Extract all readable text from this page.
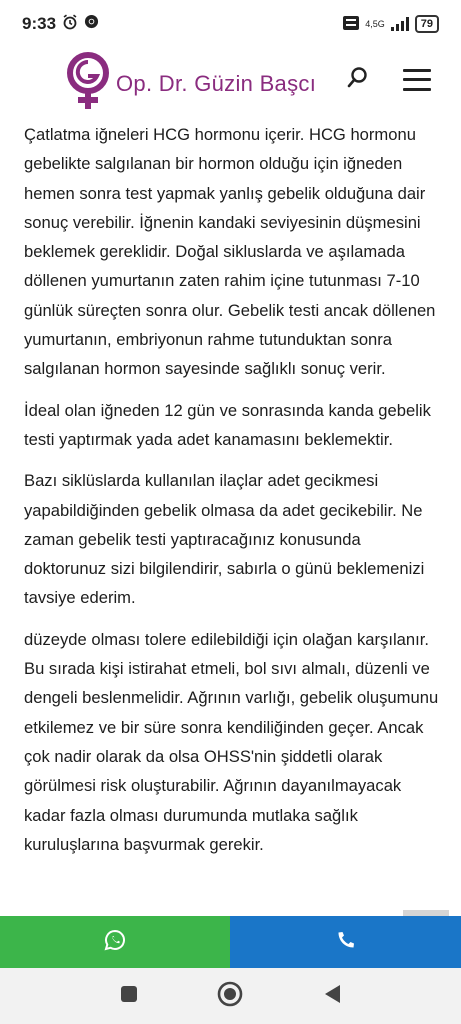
9:33	4,5G	79
Op. Dr. Güzin Başcı

Çatlatma iğneleri HCG hormonu içerir. HCG hormonu gebelikte salgılanan bir hormon olduğu için iğneden hemen sonra test yapmak yanlış gebelik olduğuna dair sonuç verebilir. İğnenin kandaki seviyesinin düşmesini beklemek gereklidir. Doğal sikluslarda ve aşılamada döllenen yumurtanın zaten rahim içine tutunması 7-10 günlük süreçten sonra olur. Gebelik testi ancak döllenen yumurtanın, embriyonun rahme tutunduktan sonra salgılanan hormon sayesinde sağlıklı sonuç verir.

İdeal olan iğneden 12 gün ve sonrasında kanda gebelik testi yaptırmak yada adet kanamasını beklemektir.

Bazı siklüslarda kullanılan ilaçlar adet gecikmesi yapabildiğinden gebelik olmasa da adet gecikebilir. Ne zaman gebelik testi yaptıracağınız konusunda doktorunuz sizi bilgilendirir, sabırla o günü beklemenizi tavsiye ederim.

düzeyde olması tolere edilebildiği için olağan karşılanır. Bu sırada kişi istirahat etmeli, bol sıvı almalı, düzenli ve dengeli beslenmelidir. Ağrının varlığı, gebelik oluşumunu etkilemez ve bir süre sonra kendiliğinden geçer. Ancak çok nadir olarak da olsa OHSS'nin şiddetli olarak görülmesi risk oluşturabilir. Ağrının dayanılmayacak kadar fazla olması durumunda mutlaka sağlık kuruluşlarına başvurmak gerekir.
